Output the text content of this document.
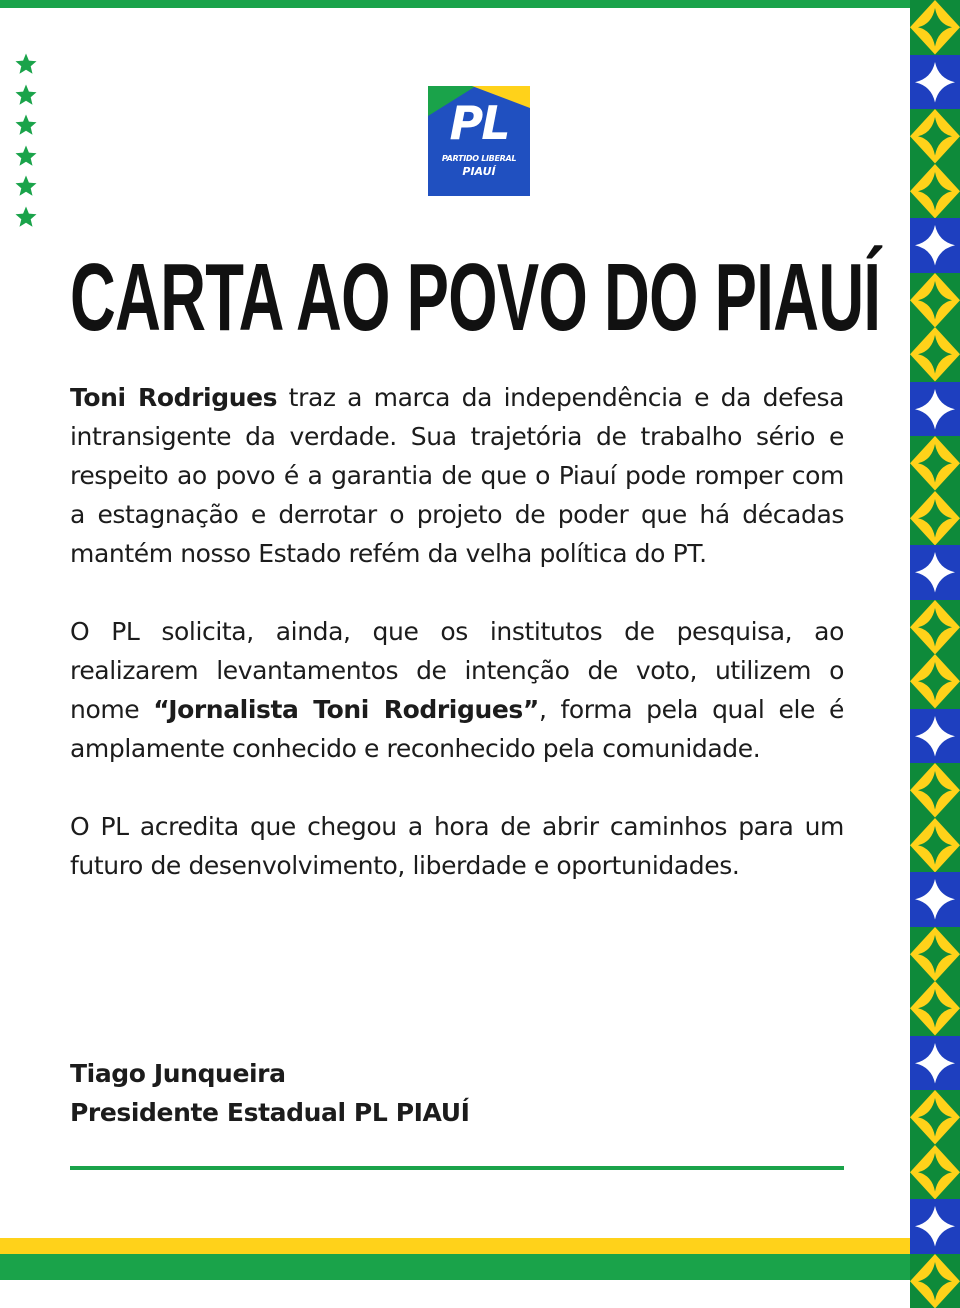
PL
PARTIDO LIBERAL
PIAUÍ
CARTA AO POVO DO PIAUÍ

Toni Rodrigues traz a marca da independência e da defesa intransigente da verdade. Sua trajetória de trabalho sério e respeito ao povo é a garantia de que o Piauí pode romper com a estagnação e derrotar o projeto de poder que há décadas mantém nosso Estado refém da velha política do PT.

O PL solicita, ainda, que os institutos de pesquisa, ao realizarem levantamentos de intenção de voto, utilizem o nome “Jornalista Toni Rodrigues”, forma pela qual ele é amplamente conhecido e reconhecido pela comunidade.

O PL acredita que chegou a hora de abrir caminhos para um futuro de desenvolvimento, liberdade e oportunidades.

Tiago Junqueira
Presidente Estadual PL PIAUÍ
